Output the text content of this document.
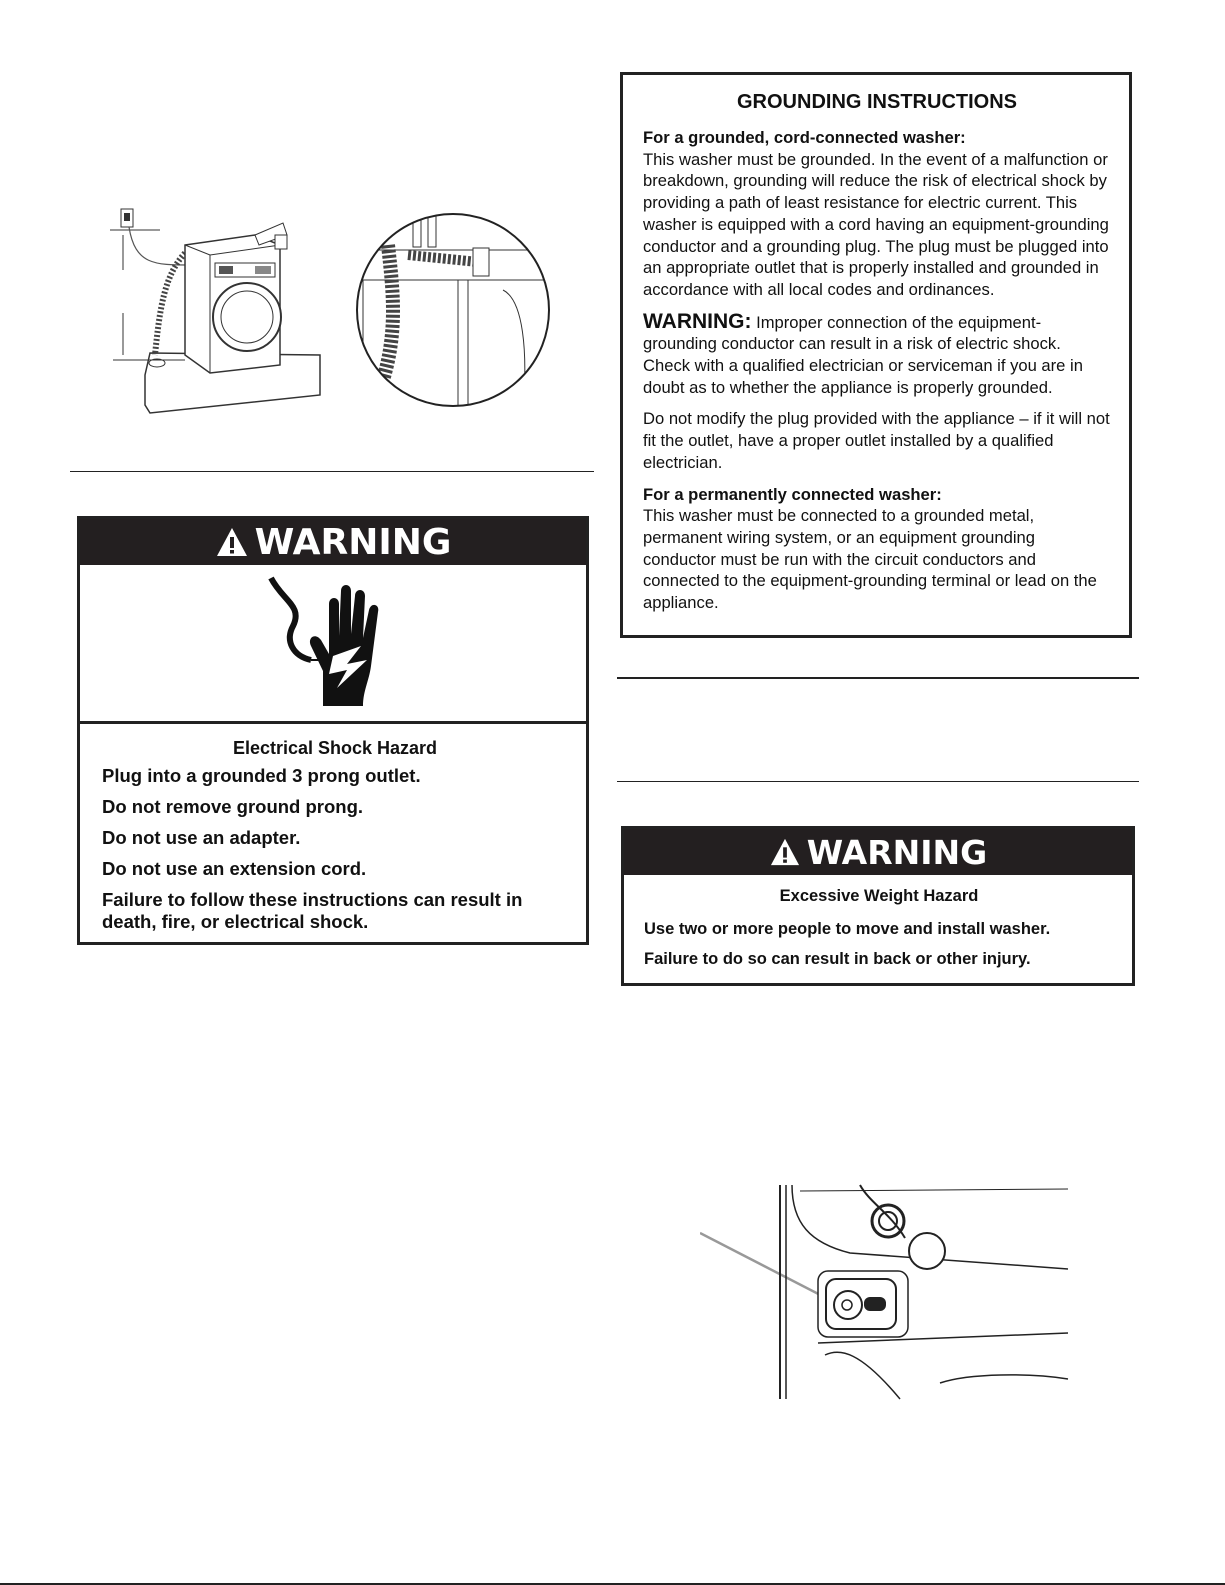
GROUNDING INSTRUCTIONS

For a grounded, cord-connected washer:

This washer must be grounded. In the event of a malfunction or breakdown, grounding will reduce the risk of electrical shock by providing a path of least resistance for electric current. This washer is equipped with a cord having an equipment-grounding conductor and a grounding plug. The plug must be plugged into an appropriate outlet that is properly installed and grounded in accordance with all local codes and ordinances.

WARNING: Improper connection of the equipment-grounding conductor can result in a risk of electric shock. Check with a qualified electrician or serviceman if you are in doubt as to whether the appliance is properly grounded.

Do not modify the plug provided with the appliance – if it will not fit the outlet, have a proper outlet installed by a qualified electrician.

For a permanently connected washer:

This washer must be connected to a grounded metal, permanent wiring system, or an equipment grounding conductor must be run with the circuit conductors and connected to the equipment-grounding terminal or lead on the appliance.

WARNING
Electrical Shock Hazard
Plug into a grounded 3 prong outlet.
Do not remove ground prong.
Do not use an adapter.
Do not use an extension cord.
Failure to follow these instructions can result in death, fire, or electrical shock.
WARNING
Excessive Weight Hazard
Use two or more people to move and install washer.
Failure to do so can result in back or other injury.
